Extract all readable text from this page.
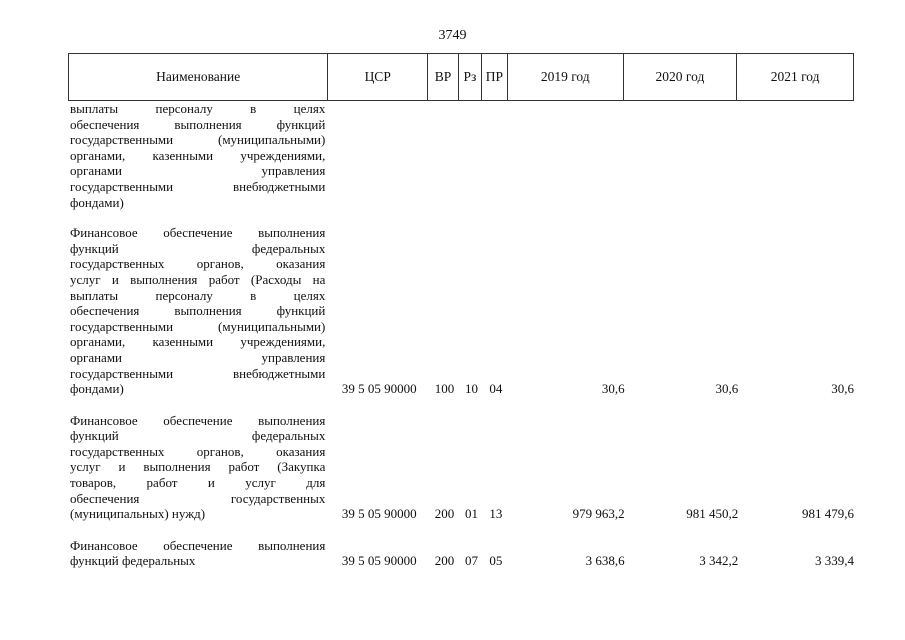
3749
Наименование	ЦСР	ВР Рз ПР	2019 год	2020 год	2021 год
выплаты персоналу в целях
обеспечения выполнения функций
государственными (муниципальными)
органами, казенными учреждениями,
органами управления
государственными внебюджетными
фондами)
Финансовое обеспечение выполнения
функций федеральных
государственных органов, оказания
услуг и выполнения работ (Расходы на
выплаты персоналу в целях
обеспечения выполнения функций
государственными (муниципальными)
органами, казенными учреждениями,
органами управления
государственными внебюджетными
фондами)	39 5 05 90000	100 10 04	30,6	30,6	30,6
Финансовое обеспечение выполнения
функций федеральных
государственных органов, оказания
услуг и выполнения работ (Закупка
товаров, работ и услуг для
обеспечения государственных
(муниципальных) нужд)	39 5 05 90000	200 01 13	979 963,2	981 450,2	981 479,6
Финансовое обеспечение выполнения
функций федеральных	39 5 05 90000	200 07 05	3 638,6	3 342,2	3 339,4
